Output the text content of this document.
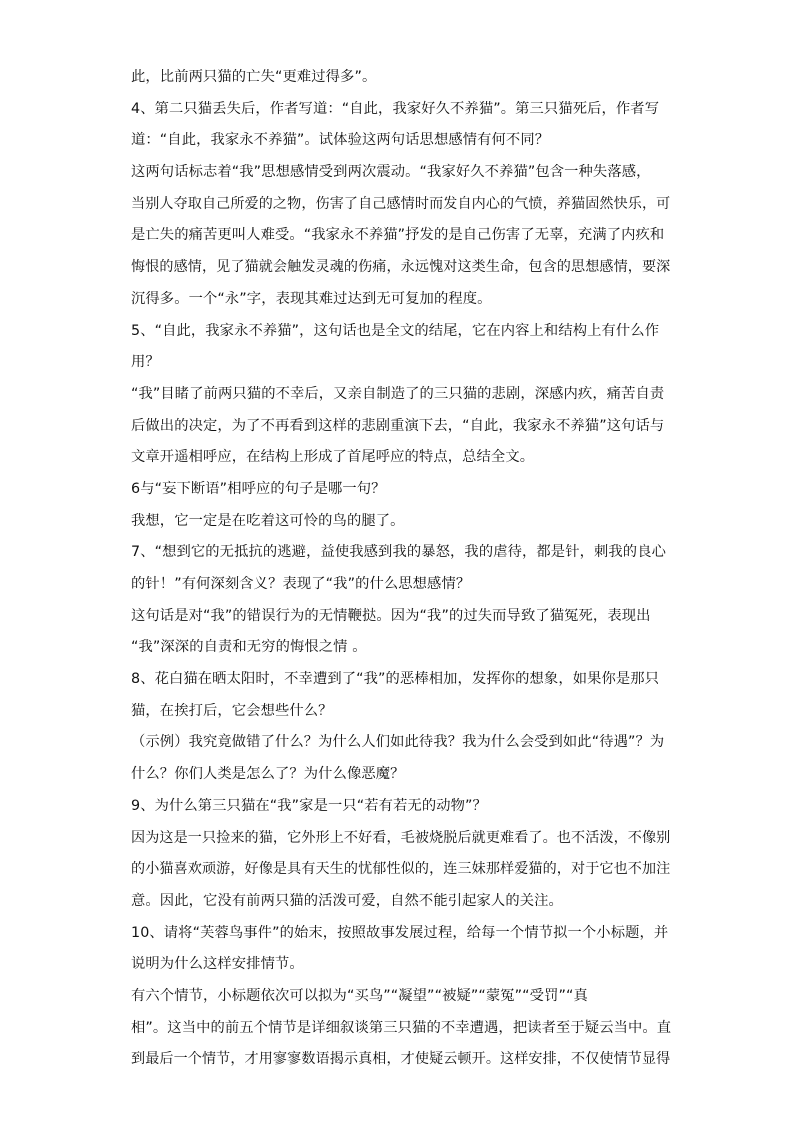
此，比前两只猫的亡失“更难过得多”。
4、第二只猫丢失后，作者写道：“自此，我家好久不养猫”。第三只猫死后，作者写
道：“自此，我家永不养猫”。试体验这两句话思想感情有何不同？
这两句话标志着“我”思想感情受到两次震动。“我家好久不养猫”包含一种失落感，
当别人夺取自己所爱的之物，伤害了自己感情时而发自内心的气愤，养猫固然快乐，可
是亡失的痛苦更叫人难受。“我家永不养猫”抒发的是自己伤害了无辜，充满了内疚和
悔恨的感情，见了猫就会触发灵魂的伤痛，永远愧对这类生命，包含的思想感情，要深
沉得多。一个“永”字，表现其难过达到无可复加的程度。
5、“自此，我家永不养猫”，这句话也是全文的结尾，它在内容上和结构上有什么作
用？
“我”目睹了前两只猫的不幸后，又亲自制造了的三只猫的悲剧，深感内疚，痛苦自责
后做出的决定，为了不再看到这样的悲剧重演下去，“自此，我家永不养猫”这句话与
文章开遥相呼应，在结构上形成了首尾呼应的特点，总结全文。
6与“妄下断语”相呼应的句子是哪一句？
我想，它一定是在吃着这可怜的鸟的腿了。
7、“想到它的无抵抗的逃避，益使我感到我的暴怒，我的虐待，都是针，刺我的良心
的针！”有何深刻含义？表现了“我”的什么思想感情？
这句话是对“我”的错误行为的无情鞭挞。因为“我”的过失而导致了猫冤死，表现出
“我”深深的自责和无穷的悔恨之情 。
8、花白猫在晒太阳时，不幸遭到了“我”的恶棒相加，发挥你的想象，如果你是那只
猫，在挨打后，它会想些什么？
（示例）我究竟做错了什么？为什么人们如此待我？我为什么会受到如此“待遇”？为
什么？你们人类是怎么了？为什么像恶魔？
9、为什么第三只猫在“我”家是一只“若有若无的动物”？
因为这是一只捡来的猫，它外形上不好看，毛被烧脱后就更难看了。也不活泼，不像别
的小猫喜欢顽游，好像是具有天生的忧郁性似的，连三妹那样爱猫的，对于它也不加注
意。因此，它没有前两只猫的活泼可爱，自然不能引起家人的关注。
10、请将“芙蓉鸟事件”的始末，按照故事发展过程，给每一个情节拟一个小标题，并
说明为什么这样安排情节。
有六个情节，小标题依次可以拟为“买鸟”“凝望”“被疑”“蒙冤”“受罚”“真
相”。这当中的前五个情节是详细叙谈第三只猫的不幸遭遇，把读者至于疑云当中。直
到最后一个情节，才用寥寥数语揭示真相，才使疑云顿开。这样安排，不仅使情节显得
